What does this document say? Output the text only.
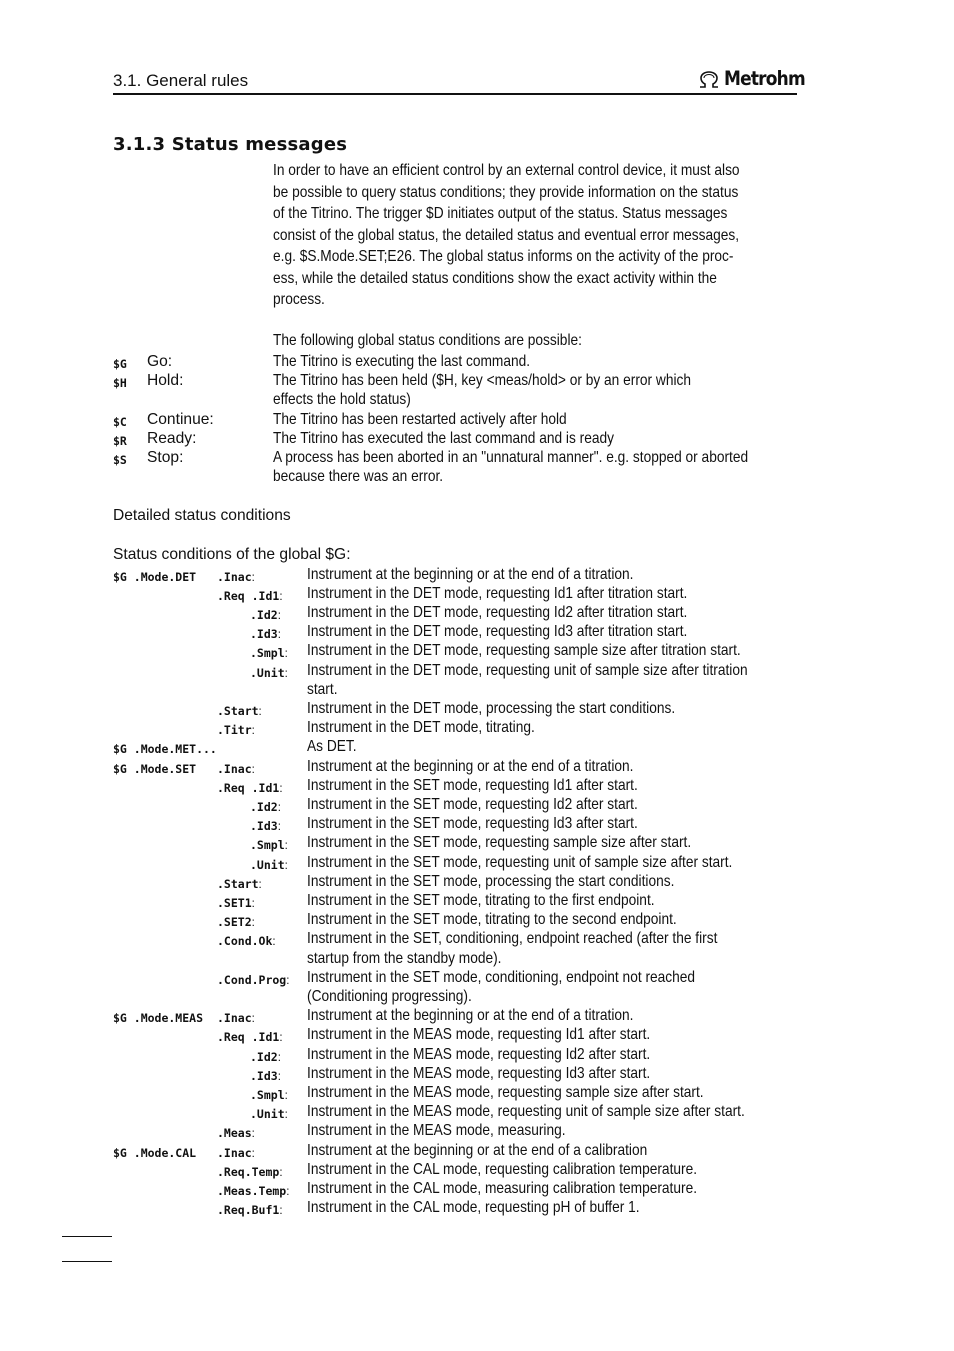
3.1. General rules	Metrohm
3.1.3 Status messages
In order to have an efficient control by an external control device, it must also
be possible to query status conditions; they provide information on the status
of the Titrino. The trigger $D initiates output of the status. Status messages
consist of the global status, the detailed status and eventual error messages,
e.g. $S.Mode.SET;E26. The global status informs on the activity of the proc-
ess, while the detailed status conditions show the exact activity within the
process.
The following global status conditions are possible:
$G Go:	The Titrino is executing the last command.
$H Hold:	The Titrino has been held ($H, key <meas/hold> or by an error which
effects the hold status)
$C Continue:	The Titrino has been restarted actively after hold
$R Ready:	The Titrino has executed the last command and is ready
$S Stop:	A process has been aborted in an "unnatural manner". e.g. stopped or aborted
because there was an error.
Detailed status conditions
Status conditions of the global $G:
$G .Mode.DET .Inac:	Instrument at the beginning or at the end of a titration.
.Req .Id1: Instrument in the DET mode, requesting Id1 after titration start.
.Id2: Instrument in the DET mode, requesting Id2 after titration start.
.Id3: Instrument in the DET mode, requesting Id3 after titration start.
.Smpl: Instrument in the DET mode, requesting sample size after titration start.
.Unit: Instrument in the DET mode, requesting unit of sample size after titration
start.
.Start:	Instrument in the DET mode, processing the start conditions.
.Titr:	Instrument in the DET mode, titrating.
$G .Mode.MET...	As DET.
$G .Mode.SET .Inac:	Instrument at the beginning or at the end of a titration.
.Req .Id1: Instrument in the SET mode, requesting Id1 after start.
.Id2: Instrument in the SET mode, requesting Id2 after start.
.Id3: Instrument in the SET mode, requesting Id3 after start.
.Smpl: Instrument in the SET mode, requesting sample size after start.
.Unit: Instrument in the SET mode, requesting unit of sample size after start.
.Start:	Instrument in the SET mode, processing the start conditions.
.SET1:	Instrument in the SET mode, titrating to the first endpoint.
.SET2:	Instrument in the SET mode, titrating to the second endpoint.
.Cond.Ok: Instrument in the SET, conditioning, endpoint reached (after the first
startup from the standby mode).
.Cond.Prog: Instrument in the SET mode, conditioning, endpoint not reached
(Conditioning progressing).
$G .Mode.MEAS .Inac:	Instrument at the beginning or at the end of a titration.
.Req .Id1: Instrument in the MEAS mode, requesting Id1 after start.
.Id2: Instrument in the MEAS mode, requesting Id2 after start.
.Id3: Instrument in the MEAS mode, requesting Id3 after start.
.Smpl: Instrument in the MEAS mode, requesting sample size after start.
.Unit: Instrument in the MEAS mode, requesting unit of sample size after start.
.Meas:	Instrument in the MEAS mode, measuring.
$G .Mode.CAL .Inac:	Instrument at the beginning or at the end of a calibration
.Req.Temp: Instrument in the CAL mode, requesting calibration temperature.
.Meas.Temp: Instrument in the CAL mode, measuring calibration temperature.
.Req.Buf1: Instrument in the CAL mode, requesting pH of buffer 1.
